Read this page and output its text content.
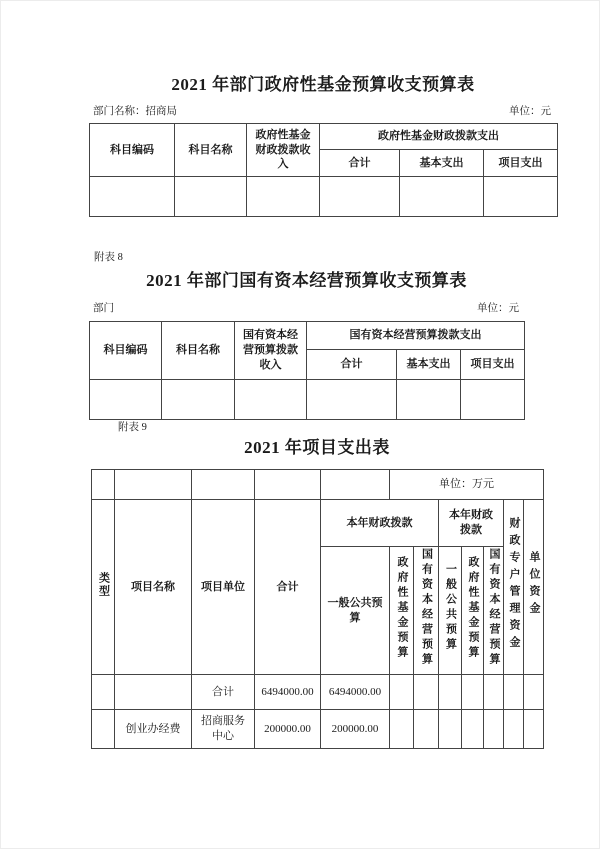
2021 年部门政府性基金预算收支预算表
部门名称：招商局	单位：元
科目编码	科目名称	政府性基金财政拨款收入	政府性基金财政拨款支出		
			合计	基本支出	项目支出

附表 8
2021 年部门国有资本经营预算收支预算表
部门	单位：元
科目编码	科目名称	国有资本经营预算拨款收入	国有资本经营预算拨款支出		
			合计	基本支出	项目支出

附表 9
2021 年项目支出表
					单位：万元						
类型	项目名称	项目单位	合计	本年财政拨款			本年财政拨款			财政专户管理资金	单位资金
				一般公共预算	政府性基金预算	国有资本经营预算	一般公共预算	政府性基金预算	国有资本经营预算		
		合计	6494000.00	6494000.00							
	创业办经费	招商服务中心	200000.00	200000.00							
